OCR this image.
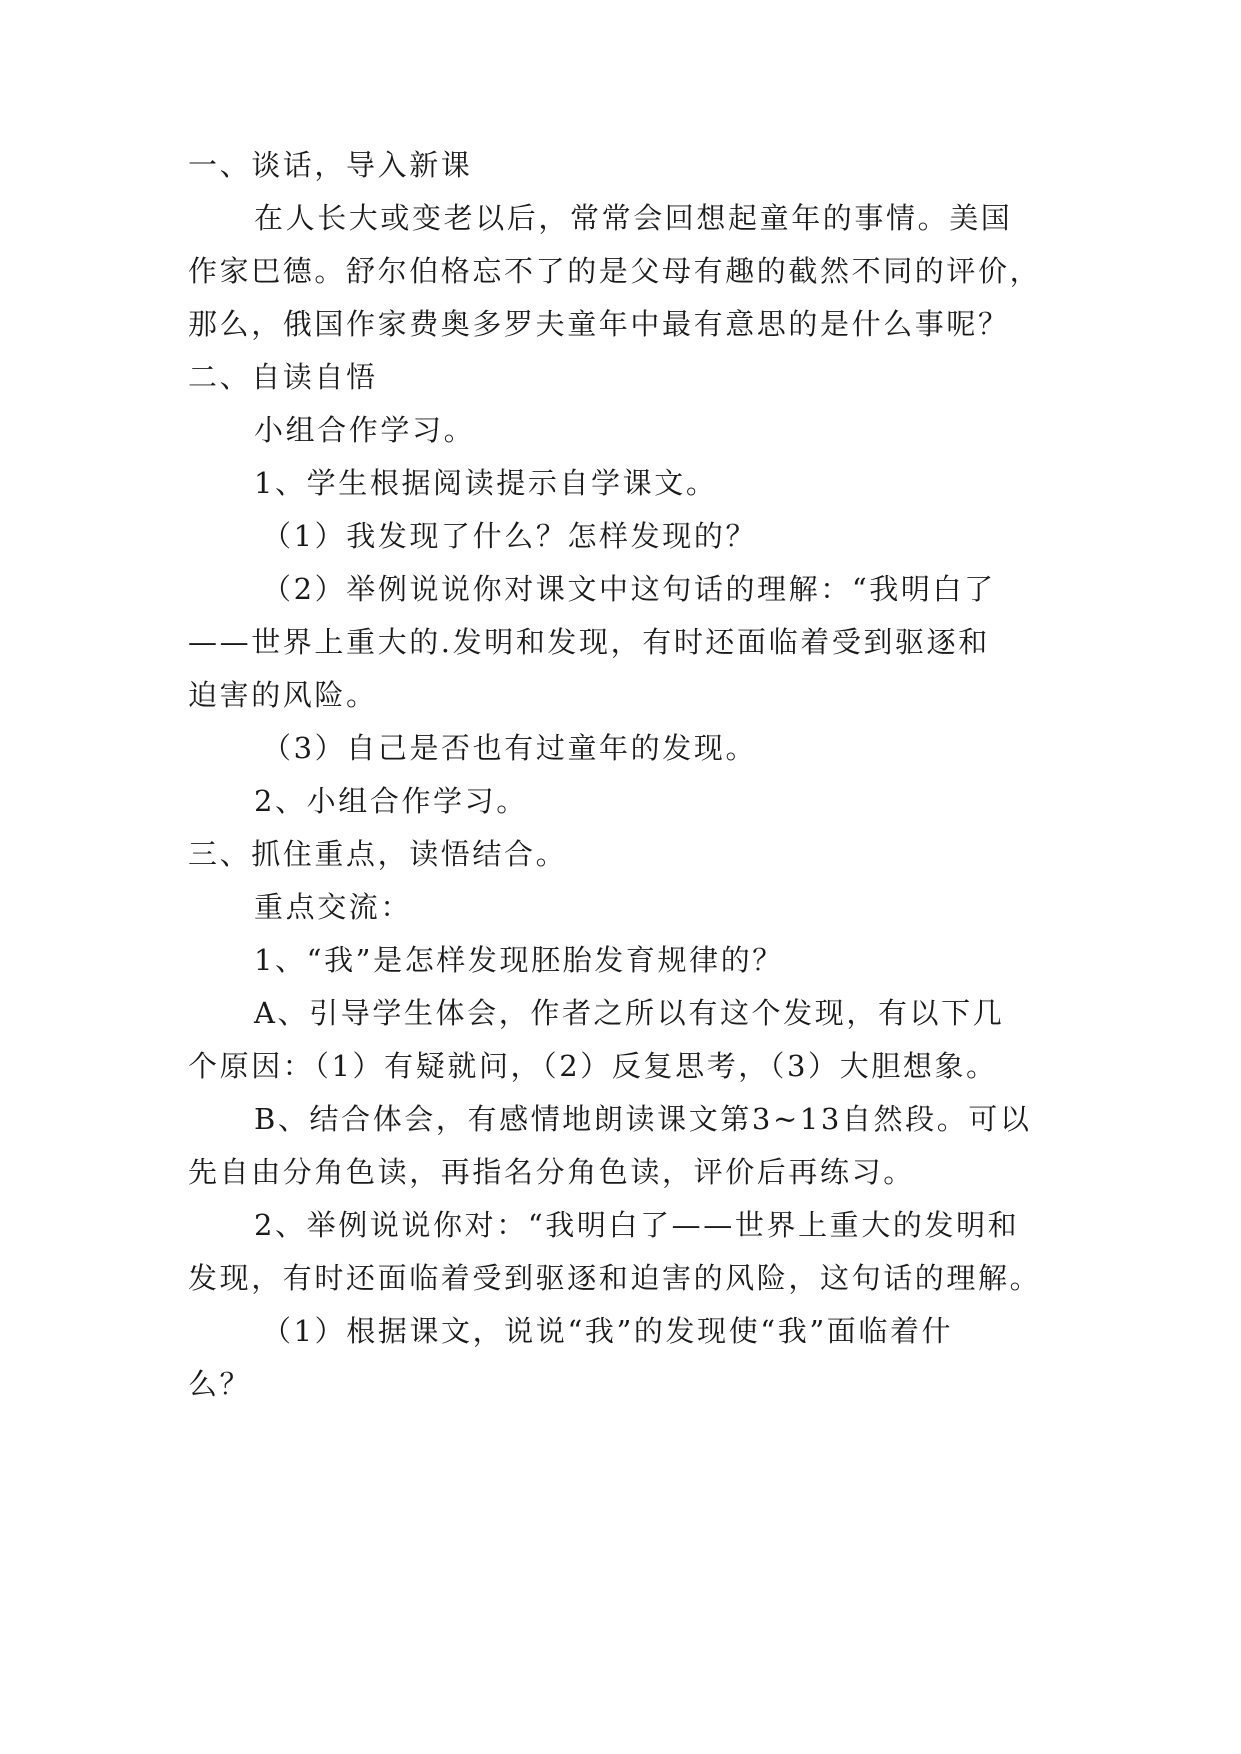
一、谈话，导入新课
在人长大或变老以后，常常会回想起童年的事情。美国
作家巴德。舒尔伯格忘不了的是父母有趣的截然不同的评价，
那么，俄国作家费奥多罗夫童年中最有意思的是什么事呢？
二、自读自悟
小组合作学习。
1、学生根据阅读提示自学课文。
（1）我发现了什么？怎样发现的？
（2）举例说说你对课文中这句话的理解：“我明白了
——世界上重大的.发明和发现，有时还面临着受到驱逐和
迫害的风险。
（3）自己是否也有过童年的发现。
2、小组合作学习。
三、抓住重点，读悟结合。
重点交流：
1、“我”是怎样发现胚胎发育规律的？
A、引导学生体会，作者之所以有这个发现，有以下几
个原因：（1）有疑就问，（2）反复思考，（3）大胆想象。
B、结合体会，有感情地朗读课文第3~13自然段。可以
先自由分角色读，再指名分角色读，评价后再练习。
2、举例说说你对：“我明白了——世界上重大的发明和
发现，有时还面临着受到驱逐和迫害的风险，这句话的理解。
（1）根据课文，说说“我”的发现使“我”面临着什
么？
